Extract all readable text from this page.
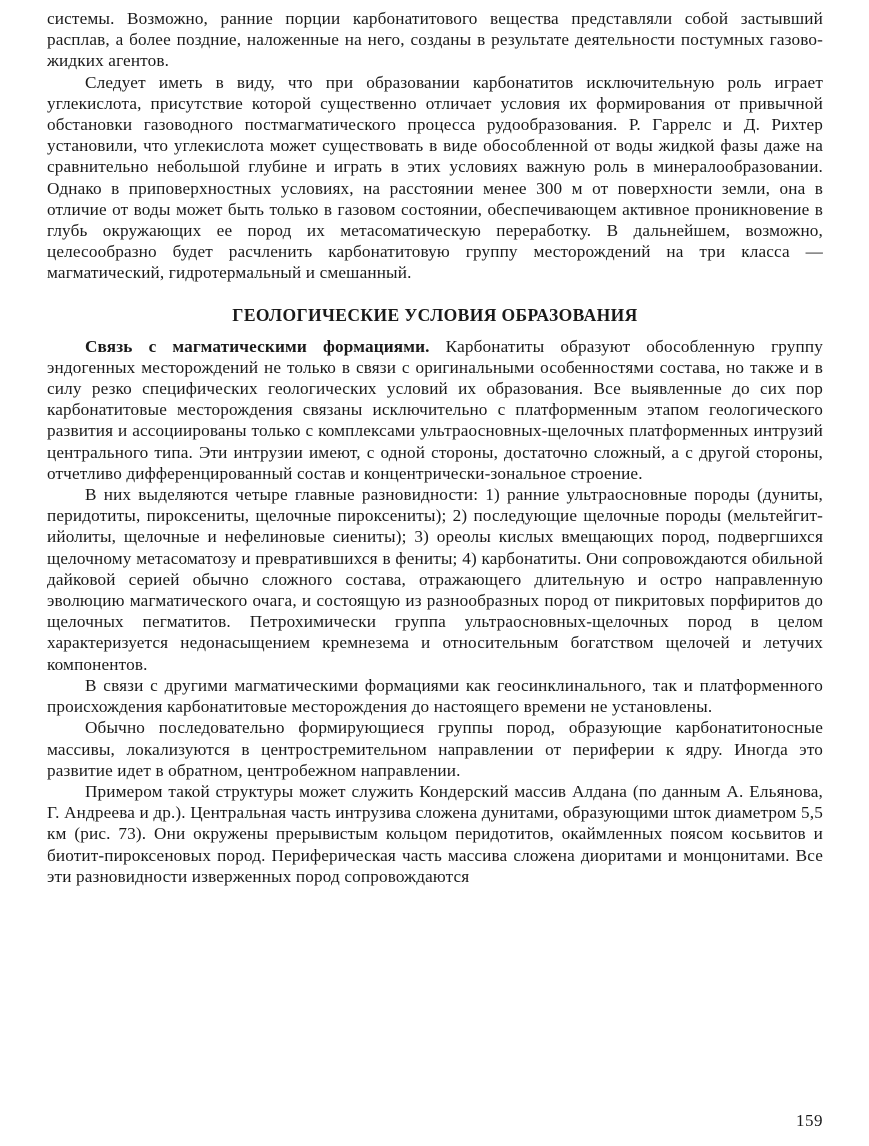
системы. Возможно, ранние порции карбонатитового вещества представляли собой застывший расплав, а более поздние, наложенные на него, созданы в результате деятельности постумных газово-жидких агентов.

Следует иметь в виду, что при образовании карбонатитов исключительную роль играет углекислота, присутствие которой существенно отличает условия их формирования от привычной обстановки газоводного постмагматического процесса рудообразования. Р. Гаррелс и Д. Рихтер установили, что углекислота может существовать в виде обособленной от воды жидкой фазы даже на сравнительно небольшой глубине и играть в этих условиях важную роль в минералообразовании. Однако в приповерхностных условиях, на расстоянии менее 300 м от поверхности земли, она в отличие от воды может быть только в газовом состоянии, обеспечивающем активное проникновение в глубь окружающих ее пород их метасоматическую переработку. В дальнейшем, возможно, целесообразно будет расчленить карбонатитовую группу месторождений на три класса — магматический, гидротермальный и смешанный.

ГЕОЛОГИЧЕСКИЕ УСЛОВИЯ ОБРАЗОВАНИЯ

Связь с магматическими формациями. Карбонатиты образуют обособленную группу эндогенных месторождений не только в связи с оригинальными особенностями состава, но также и в силу резко специфических геологических условий их образования. Все выявленные до сих пор карбонатитовые месторождения связаны исключительно с платформенным этапом геологического развития и ассоциированы только с комплексами ультраосновных-щелочных платформенных интрузий центрального типа. Эти интрузии имеют, с одной стороны, достаточно сложный, а с другой стороны, отчетливо дифференцированный состав и концентрически-зональное строение.

В них выделяются четыре главные разновидности: 1) ранние ультраосновные породы (дуниты, перидотиты, пироксениты, щелочные пироксениты); 2) последующие щелочные породы (мельтейгит-ийолиты, щелочные и нефелиновые сиениты); 3) ореолы кислых вмещающих пород, подвергшихся щелочному метасоматозу и превратившихся в фениты; 4) карбонатиты. Они сопровождаются обильной дайковой серией обычно сложного состава, отражающего длительную и остро направленную эволюцию магматического очага, и состоящую из разнообразных пород от пикритовых порфиритов до щелочных пегматитов. Петрохимически группа ультраосновных-щелочных пород в целом характеризуется недонасыщением кремнезема и относительным богатством щелочей и летучих компонентов.

В связи с другими магматическими формациями как геосинклинального, так и платформенного происхождения карбонатитовые месторождения до настоящего времени не установлены.

Обычно последовательно формирующиеся группы пород, образующие карбонатитоносные массивы, локализуются в центростремительном направлении от периферии к ядру. Иногда это развитие идет в обратном, центробежном направлении.

Примером такой структуры может служить Кондерский массив Алдана (по данным А. Ельянова, Г. Андреева и др.). Центральная часть интрузива сложена дунитами, образующими шток диаметром 5,5 км (рис. 73). Они окружены прерывистым кольцом перидотитов, окаймленных поясом косьвитов и биотит-пироксеновых пород. Периферическая часть массива сложена диоритами и монцонитами. Все эти разновидности изверженных пород сопровождаются

159
